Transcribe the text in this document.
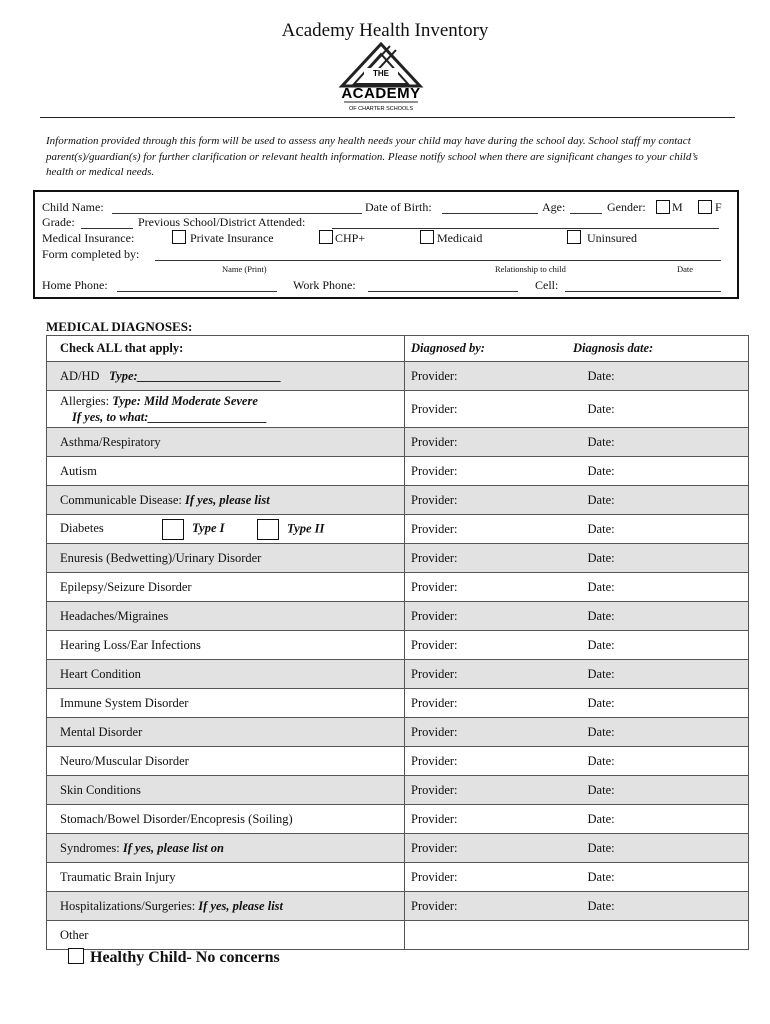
Academy Health Inventory
THE
ACADEMY
OF CHARTER SCHOOLS
Information provided through this form will be used to assess any health needs your child may have during the school day. School staff my contact parent(s)/guardian(s) for further clarification or relevant health information. Please notify school when there are significant changes to your child’s health or medical needs.
Child Name:	Date of Birth:	Age:	Gender: M	F
Grade:	Previous School/District Attended:
Medical Insurance:	Private Insurance	CHP+	Medicaid	Uninsured
Form completed by:
Name (Print)	Relationship to child	Date
Home Phone:	Work Phone:	Cell:
MEDICAL DIAGNOSES:
Check ALL that apply:	Diagnosed by: Diagnosis date:
AD/HD Type:_______________________	Provider: Date:
Allergies: Type: Mild Moderate Severe
If yes, to what:___________________	Provider: Date:
Asthma/Respiratory	Provider: Date:
Autism	Provider: Date:
Communicable Disease: If yes, please list	Provider: Date:
Diabetes Type I Type II	Provider: Date:
Enuresis (Bedwetting)/Urinary Disorder	Provider: Date:
Epilepsy/Seizure Disorder	Provider: Date:
Headaches/Migraines	Provider: Date:
Hearing Loss/Ear Infections	Provider: Date:
Heart Condition	Provider: Date:
Immune System Disorder	Provider: Date:
Mental Disorder	Provider: Date:
Neuro/Muscular Disorder	Provider: Date:
Skin Conditions	Provider: Date:
Stomach/Bowel Disorder/Encopresis (Soiling)	Provider: Date:
Syndromes: If yes, please list on	Provider: Date:
Traumatic Brain Injury	Provider: Date:
Hospitalizations/Surgeries: If yes, please list	Provider: Date:
Other	
Healthy Child- No concerns
